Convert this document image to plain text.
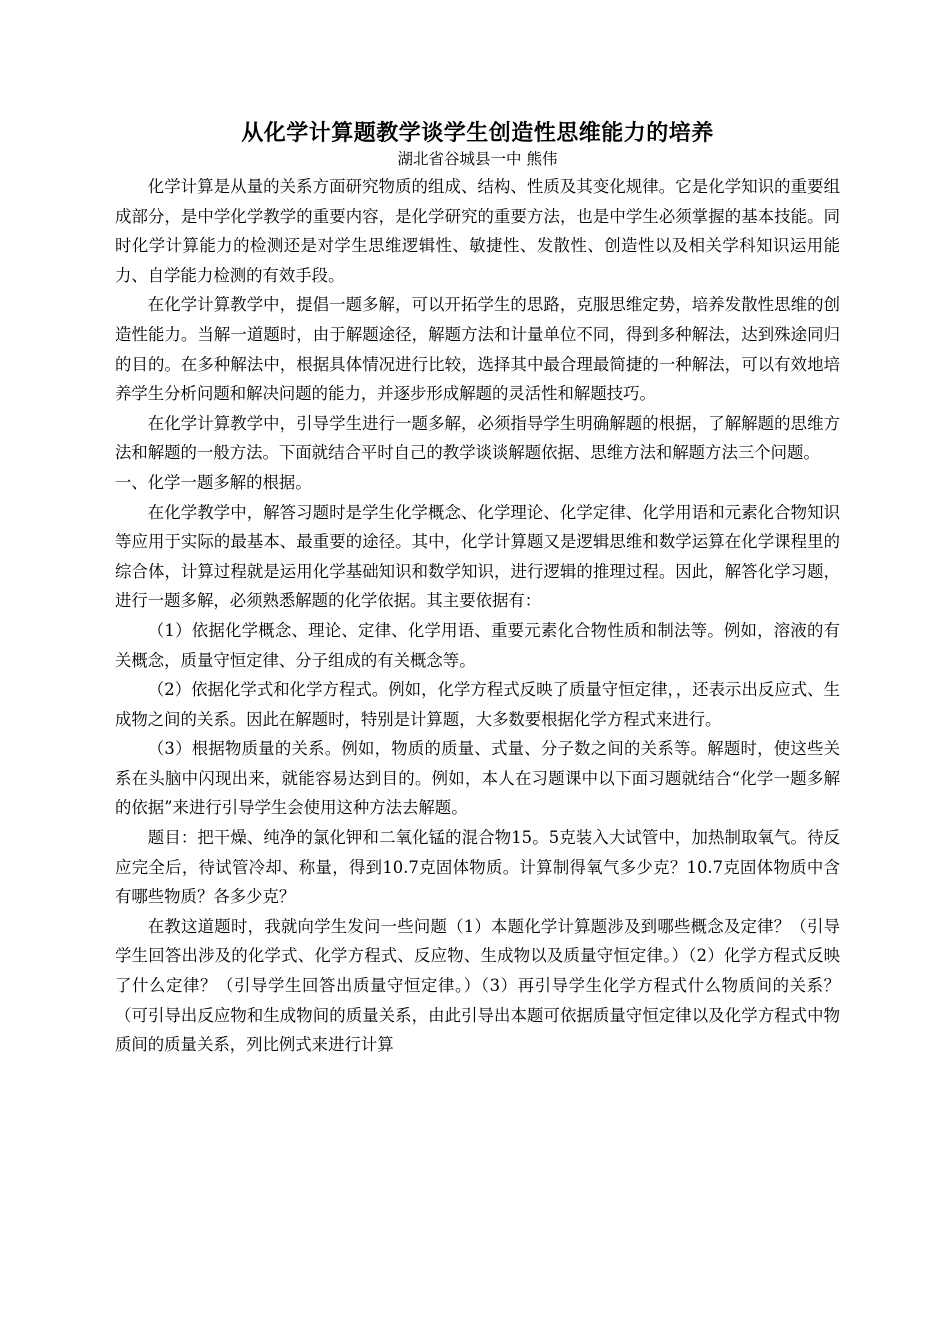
从化学计算题教学谈学生创造性思维能力的培养
湖北省谷城县一中 熊伟

化学计算是从量的关系方面研究物质的组成、结构、性质及其变化规律。它是化学知识的重要组成部分，是中学化学教学的重要内容，是化学研究的重要方法，也是中学生必须掌握的基本技能。同时化学计算能力的检测还是对学生思维逻辑性、敏捷性、发散性、创造性以及相关学科知识运用能力、自学能力检测的有效手段。

在化学计算教学中，提倡一题多解，可以开拓学生的思路，克服思维定势，培养发散性思维的创造性能力。当解一道题时，由于解题途径，解题方法和计量单位不同，得到多种解法，达到殊途同归的目的。在多种解法中，根据具体情况进行比较，选择其中最合理最简捷的一种解法，可以有效地培养学生分析问题和解决问题的能力，并逐步形成解题的灵活性和解题技巧。

在化学计算教学中，引导学生进行一题多解，必须指导学生明确解题的根据，了解解题的思维方法和解题的一般方法。下面就结合平时自己的教学谈谈解题依据、思维方法和解题方法三个问题。

一、化学一题多解的根据。

在化学教学中，解答习题时是学生化学概念、化学理论、化学定律、化学用语和元素化合物知识等应用于实际的最基本、最重要的途径。其中，化学计算题又是逻辑思维和数学运算在化学课程里的综合体，计算过程就是运用化学基础知识和数学知识，进行逻辑的推理过程。因此，解答化学习题，进行一题多解，必须熟悉解题的化学依据。其主要依据有：

（1）依据化学概念、理论、定律、化学用语、重要元素化合物性质和制法等。例如，溶液的有关概念，质量守恒定律、分子组成的有关概念等。

（2）依据化学式和化学方程式。例如，化学方程式反映了质量守恒定律，，还表示出反应式、生成物之间的关系。因此在解题时，特别是计算题，大多数要根据化学方程式来进行。

（3）根据物质量的关系。例如，物质的质量、式量、分子数之间的关系等。解题时，使这些关系在头脑中闪现出来，就能容易达到目的。例如，本人在习题课中以下面习题就结合“化学一题多解的依据”来进行引导学生会使用这种方法去解题。

题目：把干燥、纯净的氯化钾和二氧化锰的混合物15。5克装入大试管中，加热制取氧气。待反应完全后，待试管冷却、称量，得到10.7克固体物质。计算制得氧气多少克？10.7克固体物质中含有哪些物质？各多少克？

在教这道题时，我就向学生发问一些问题（1）本题化学计算题涉及到哪些概念及定律？（引导学生回答出涉及的化学式、化学方程式、反应物、生成物以及质量守恒定律。）（2）化学方程式反映了什么定律？（引导学生回答出质量守恒定律。）（3）再引导学生化学方程式什么物质间的关系？（可引导出反应物和生成物间的质量关系，由此引导出本题可依据质量守恒定律以及化学方程式中物质间的质量关系，列比例式来进行计算
